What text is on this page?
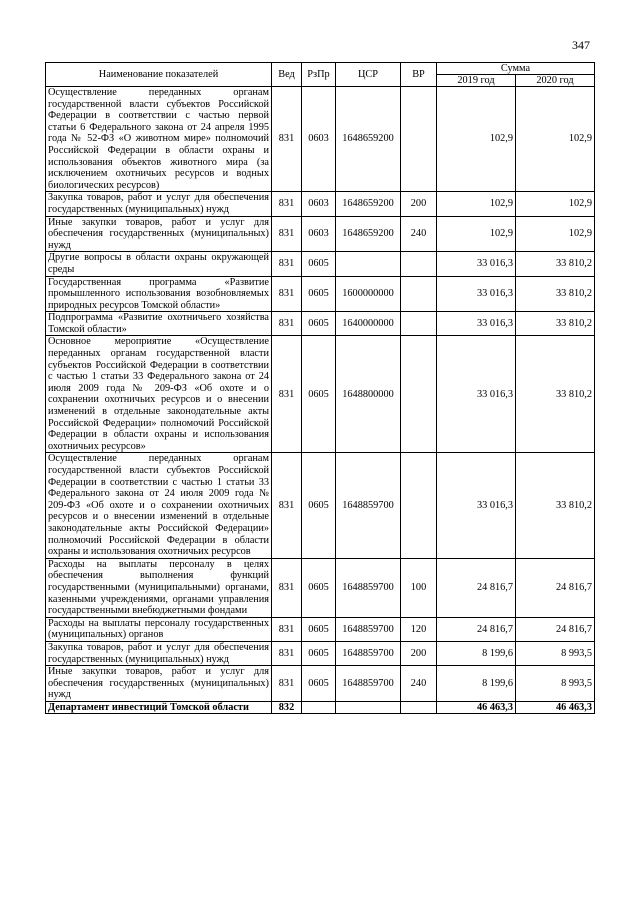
347
Наименование показателей	Вед	РзПр	ЦСР	ВР	Сумма	
					2019 год	2020 год
Осуществление переданных органам государственной власти субъектов Российской Федерации в соответствии с частью первой статьи 6 Федерального закона от 24 апреля 1995 года № 52-ФЗ «О животном мире» полномочий Российской Федерации в области охраны и использования объектов животного мира (за исключением охотничьих ресурсов и водных биологических ресурсов)	831	0603	1648659200		102,9	102,9
Закупка товаров, работ и услуг для обеспечения государственных (муниципальных) нужд	831	0603	1648659200	200	102,9	102,9
Иные закупки товаров, работ и услуг для обеспечения государственных (муниципальных) нужд	831	0603	1648659200	240	102,9	102,9
Другие вопросы в области охраны окружающей среды	831	0605			33 016,3	33 810,2
Государственная программа «Развитие промышленного использования возобновляемых природных ресурсов Томской области»	831	0605	1600000000		33 016,3	33 810,2
Подпрограмма «Развитие охотничьего хозяйства Томской области»	831	0605	1640000000		33 016,3	33 810,2
Основное мероприятие «Осуществление переданных органам государственной власти субъектов Российской Федерации в соответствии с частью 1 статьи 33 Федерального закона от 24 июля 2009 года № 209-ФЗ «Об охоте и о сохранении охотничьих ресурсов и о внесении изменений в отдельные законодательные акты Российской Федерации» полномочий Российской Федерации в области охраны и использования охотничьих ресурсов»	831	0605	1648800000		33 016,3	33 810,2
Осуществление переданных органам государственной власти субъектов Российской Федерации в соответствии с частью 1 статьи 33 Федерального закона от 24 июля 2009 года № 209-ФЗ «Об охоте и о сохранении охотничьих ресурсов и о внесении изменений в отдельные законодательные акты Российской Федерации» полномочий Российской Федерации в области охраны и использования охотничьих ресурсов	831	0605	1648859700		33 016,3	33 810,2
Расходы на выплаты персоналу в целях обеспечения выполнения функций государственными (муниципальными) органами, казенными учреждениями, органами управления государственными внебюджетными фондами	831	0605	1648859700	100	24 816,7	24 816,7
Расходы на выплаты персоналу государственных (муниципальных) органов	831	0605	1648859700	120	24 816,7	24 816,7
Закупка товаров, работ и услуг для обеспечения государственных (муниципальных) нужд	831	0605	1648859700	200	8 199,6	8 993,5
Иные закупки товаров, работ и услуг для обеспечения государственных (муниципальных) нужд	831	0605	1648859700	240	8 199,6	8 993,5
Департамент инвестиций Томской области	832				46 463,3	46 463,3
